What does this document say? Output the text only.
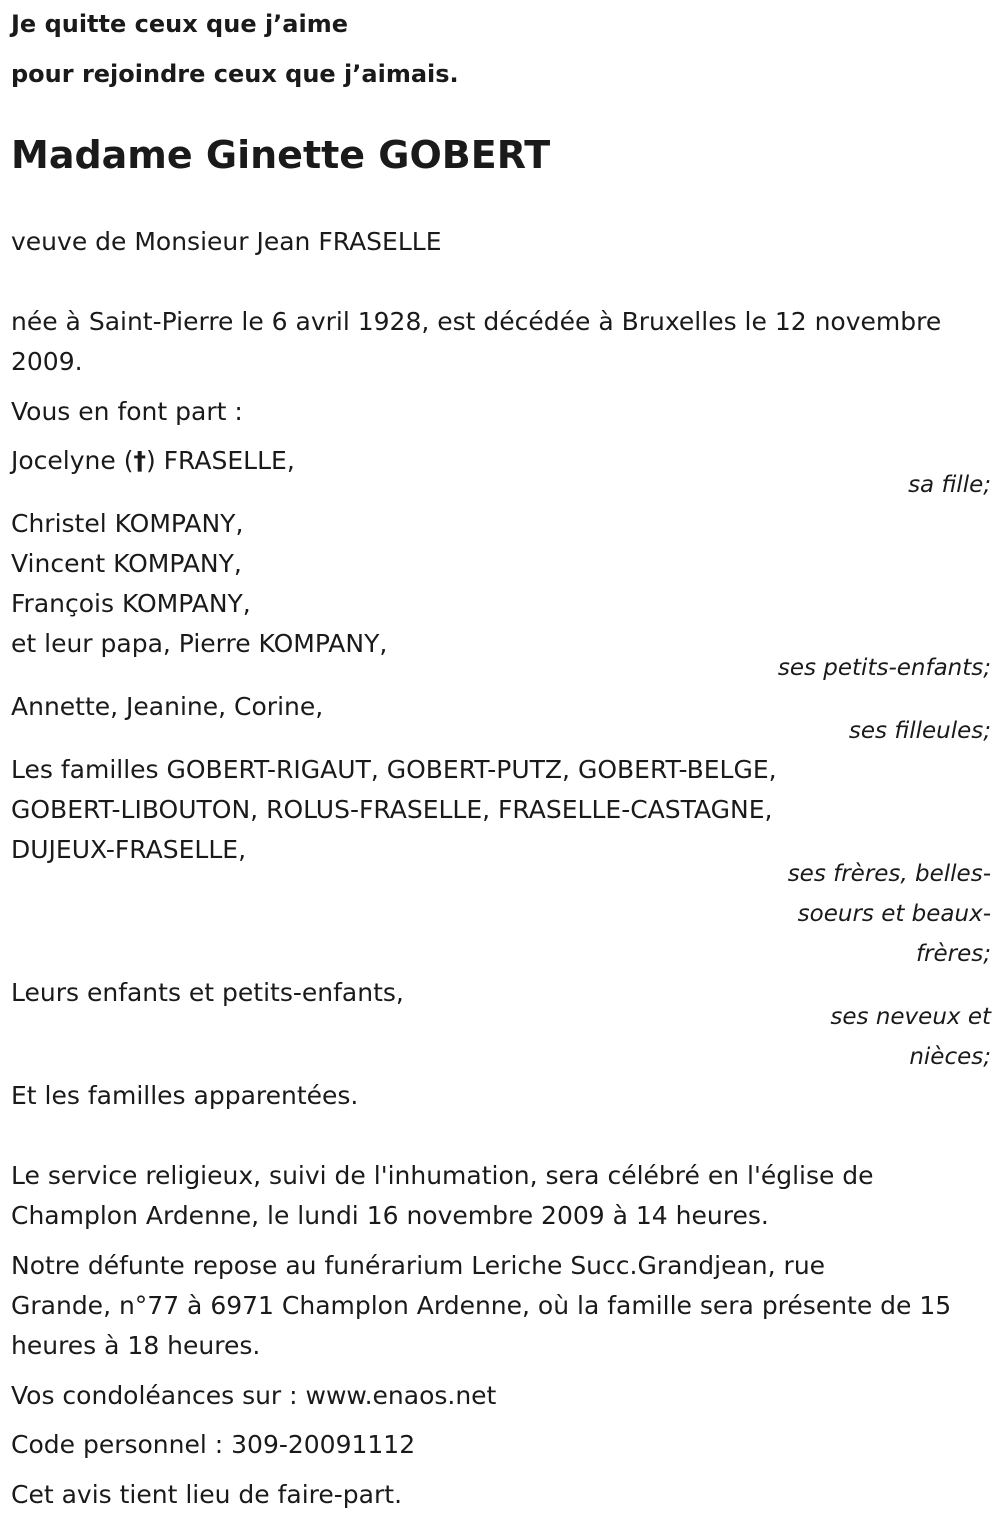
Je quitte ceux que j’aime

pour rejoindre ceux que j’aimais.

Madame Ginette GOBERT

veuve de Monsieur Jean FRASELLE

née à Saint-Pierre le 6 avril 1928, est décédée à Bruxelles le 12 novembre

2009.

Vous en font part :

Jocelyne (†) FRASELLE,

sa fille;

Christel KOMPANY,

Vincent KOMPANY,

François KOMPANY,

et leur papa, Pierre KOMPANY,

ses petits-enfants;

Annette, Jeanine, Corine,

ses filleules;

Les familles GOBERT-RIGAUT, GOBERT-PUTZ, GOBERT-BELGE,

GOBERT-LIBOUTON, ROLUS-FRASELLE, FRASELLE-CASTAGNE,

DUJEUX-FRASELLE,

ses frères, belles-

soeurs et beaux-

frères;

Leurs enfants et petits-enfants,

ses neveux et

nièces;

Et les familles apparentées.

Le service religieux, suivi de l'inhumation, sera célébré en l'église de

Champlon Ardenne, le lundi 16 novembre 2009 à 14 heures.

Notre défunte repose au funérarium Leriche Succ.Grandjean, rue

Grande, n°77 à 6971 Champlon Ardenne, où la famille sera présente de 15

heures à 18 heures.

Vos condoléances sur : www.enaos.net

Code personnel : 309-20091112

Cet avis tient lieu de faire-part.
